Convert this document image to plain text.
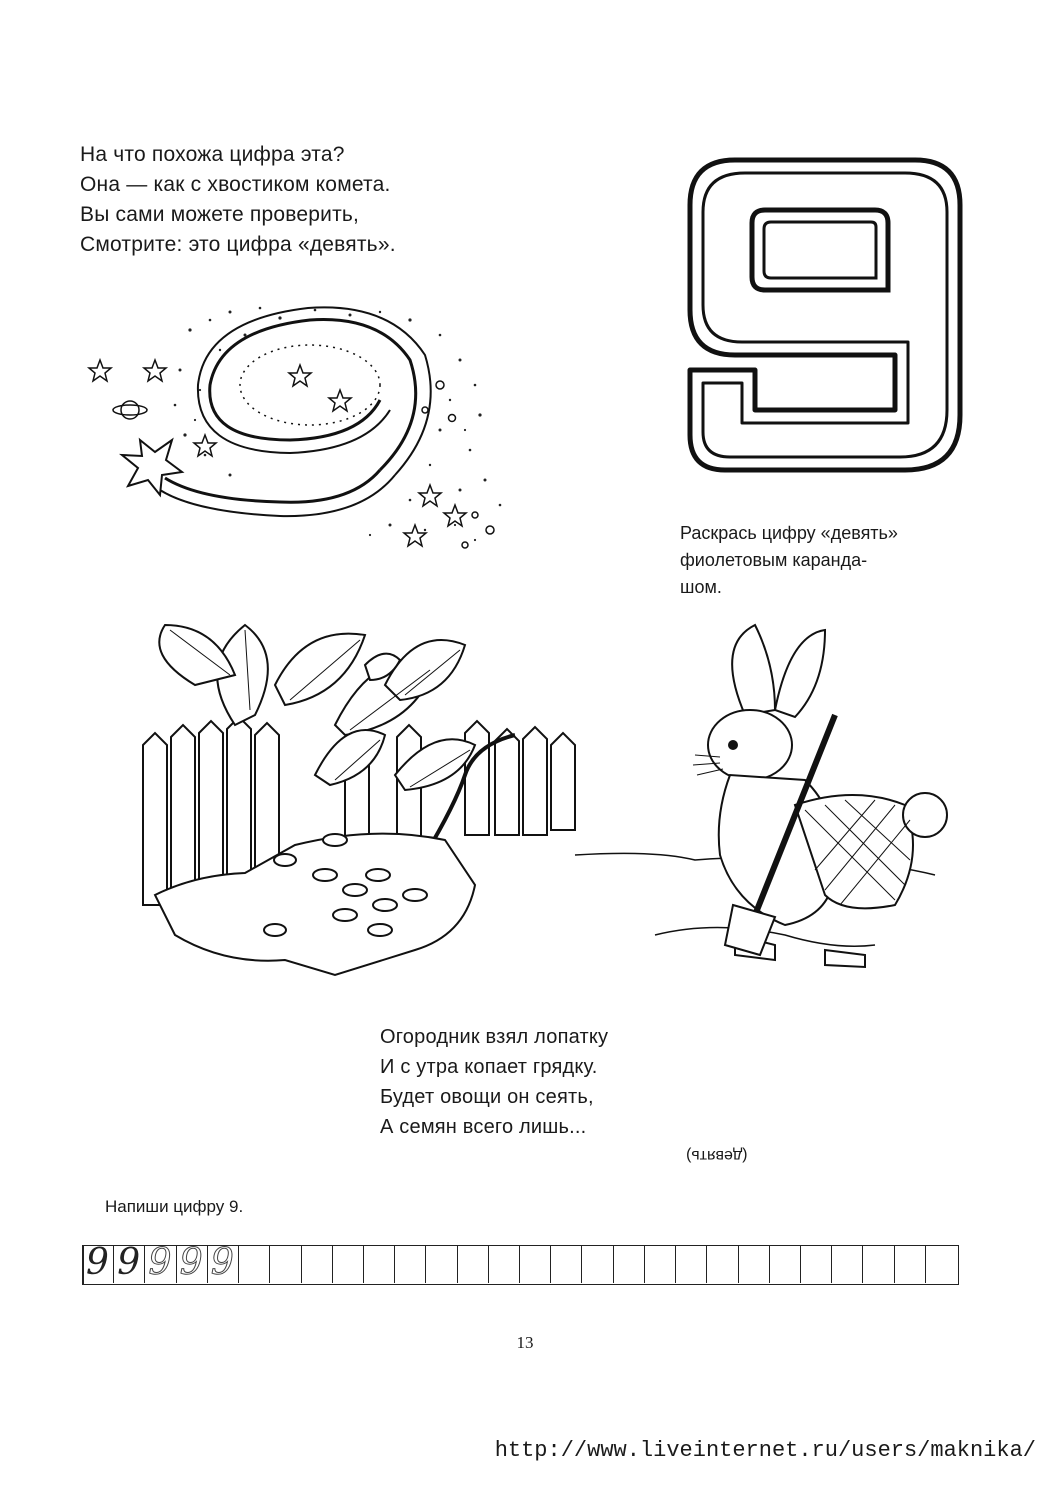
На что похожа цифра эта?
Она — как с хвостиком комета.
Вы сами можете проверить,
Смотрите: это цифра «девять».
Раскрась цифру «девять»
фиолетовым каранда-
шом.
Огородник взял лопатку
И с утра копает грядку.
Будет овощи он сеять,
А семян всего лишь...
(девять)
Напиши цифру 9.
9 9 9 9 9
13
http://www.liveinternet.ru/users/maknika/
